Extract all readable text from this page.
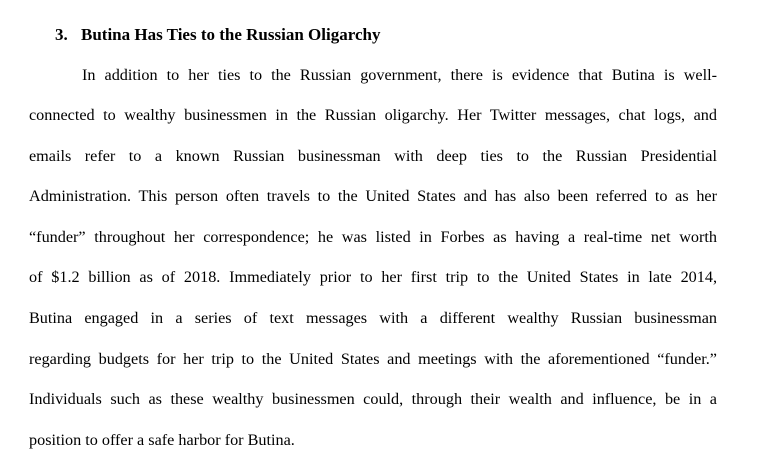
3. Butina Has Ties to the Russian Oligarchy
In addition to her ties to the Russian government, there is evidence that Butina is well-
connected to wealthy businessmen in the Russian oligarchy. Her Twitter messages, chat logs, and
emails refer to a known Russian businessman with deep ties to the Russian Presidential
Administration. This person often travels to the United States and has also been referred to as her
“funder” throughout her correspondence; he was listed in Forbes as having a real-time net worth
of $1.2 billion as of 2018. Immediately prior to her first trip to the United States in late 2014,
Butina engaged in a series of text messages with a different wealthy Russian businessman
regarding budgets for her trip to the United States and meetings with the aforementioned “funder.”
Individuals such as these wealthy businessmen could, through their wealth and influence, be in a
position to offer a safe harbor for Butina.
